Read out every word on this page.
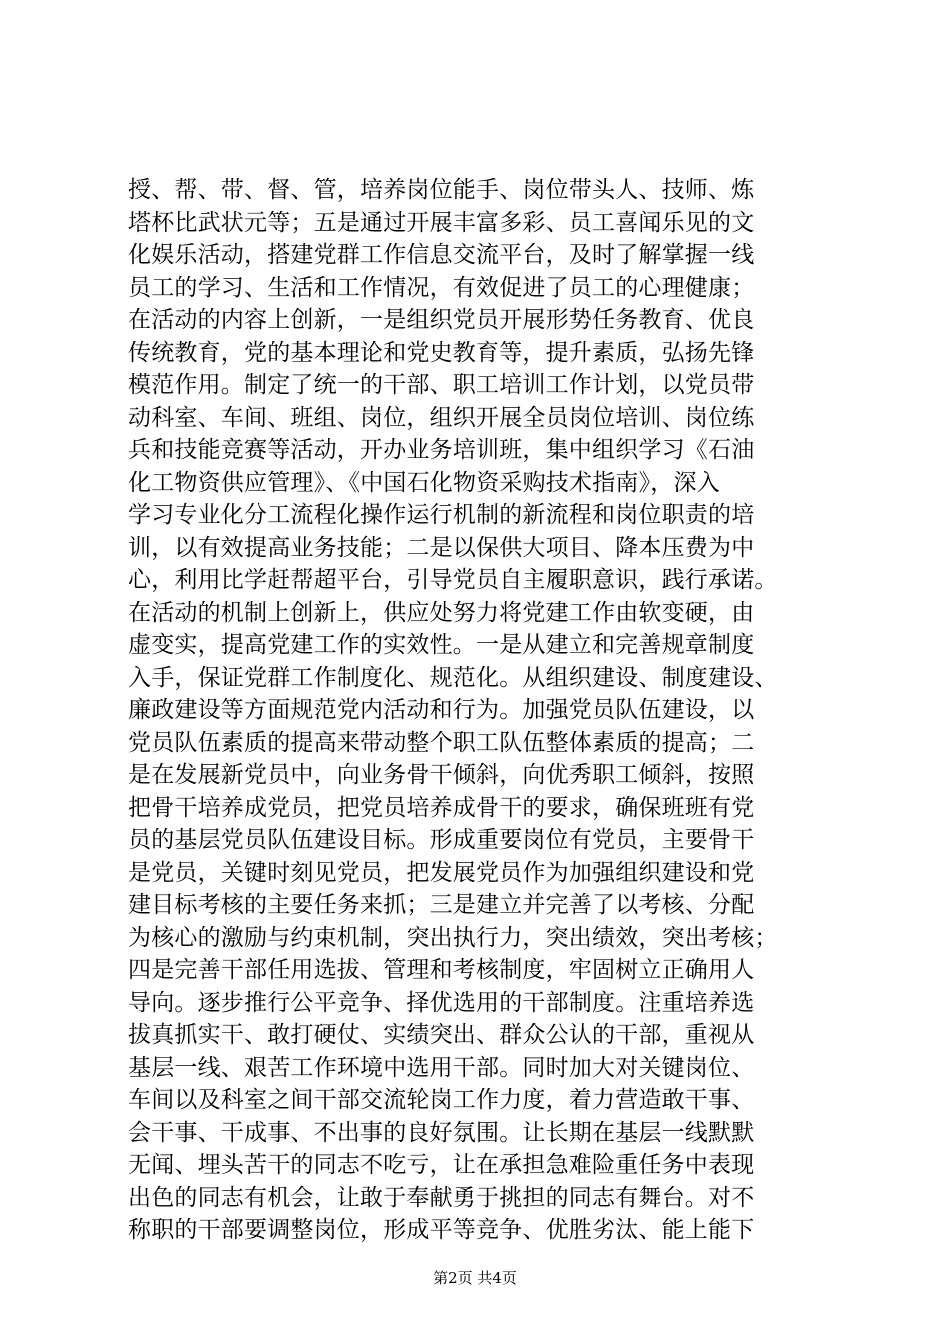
授、帮、带、督、管，培养岗位能手、岗位带头人、技师、炼
塔杯比武状元等；五是通过开展丰富多彩、员工喜闻乐见的文
化娱乐活动，搭建党群工作信息交流平台，及时了解掌握一线
员工的学习、生活和工作情况，有效促进了员工的心理健康；
在活动的内容上创新，一是组织党员开展形势任务教育、优良
传统教育，党的基本理论和党史教育等，提升素质，弘扬先锋
模范作用。制定了统一的干部、职工培训工作计划，以党员带
动科室、车间、班组、岗位，组织开展全员岗位培训、岗位练
兵和技能竞赛等活动，开办业务培训班，集中组织学习《石油
化工物资供应管理》、《中国石化物资采购技术指南》，深入
学习专业化分工流程化操作运行机制的新流程和岗位职责的培
训，以有效提高业务技能；二是以保供大项目、降本压费为中
心，利用比学赶帮超平台，引导党员自主履职意识，践行承诺。
在活动的机制上创新上，供应处努力将党建工作由软变硬，由
虚变实，提高党建工作的实效性。一是从建立和完善规章制度
入手，保证党群工作制度化、规范化。从组织建设、制度建设、
廉政建设等方面规范党内活动和行为。加强党员队伍建设，以
党员队伍素质的提高来带动整个职工队伍整体素质的提高；二
是在发展新党员中，向业务骨干倾斜，向优秀职工倾斜，按照
把骨干培养成党员，把党员培养成骨干的要求，确保班班有党
员的基层党员队伍建设目标。形成重要岗位有党员，主要骨干
是党员，关键时刻见党员，把发展党员作为加强组织建设和党
建目标考核的主要任务来抓；三是建立并完善了以考核、分配
为核心的激励与约束机制，突出执行力，突出绩效，突出考核；
四是完善干部任用选拔、管理和考核制度，牢固树立正确用人
导向。逐步推行公平竞争、择优选用的干部制度。注重培养选
拔真抓实干、敢打硬仗、实绩突出、群众公认的干部，重视从
基层一线、艰苦工作环境中选用干部。同时加大对关键岗位、
车间以及科室之间干部交流轮岗工作力度，着力营造敢干事、
会干事、干成事、不出事的良好氛围。让长期在基层一线默默
无闻、埋头苦干的同志不吃亏，让在承担急难险重任务中表现
出色的同志有机会，让敢于奉献勇于挑担的同志有舞台。对不
称职的干部要调整岗位，形成平等竞争、优胜劣汰、能上能下
第2页 共4页
